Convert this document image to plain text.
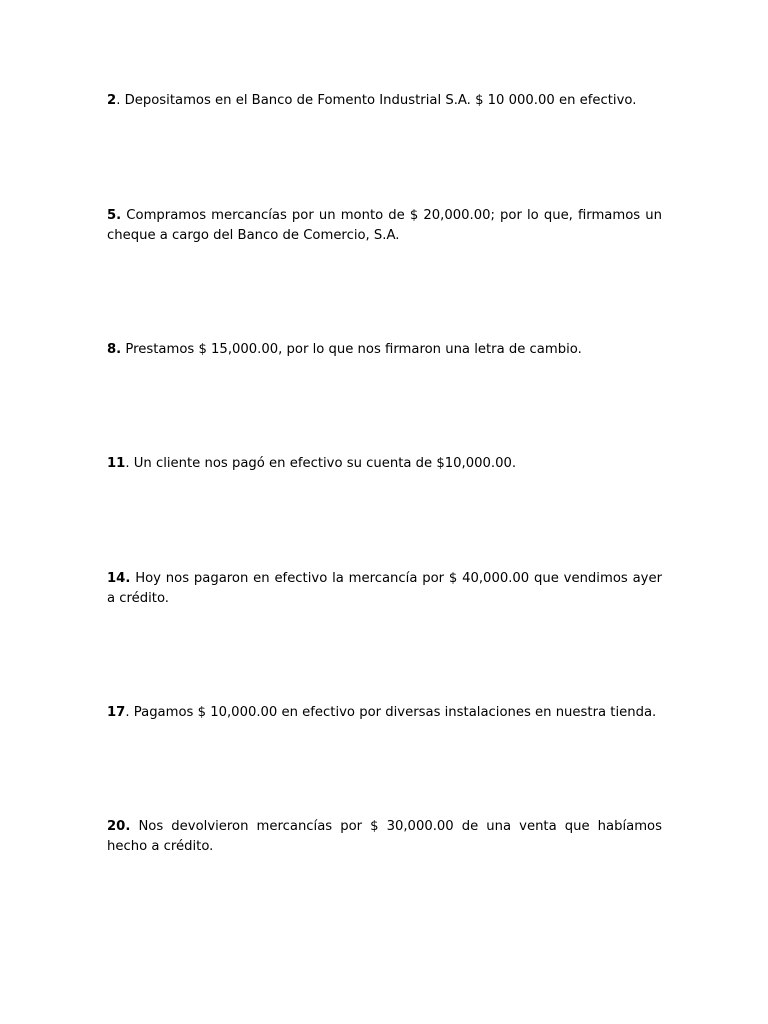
2. Depositamos en el Banco de Fomento Industrial S.A. $ 10 000.00 en efectivo.

5. Compramos mercancías por un monto de $ 20,000.00; por lo que, firmamos un cheque a cargo del Banco de Comercio, S.A.

8. Prestamos $ 15,000.00, por lo que nos firmaron una letra de cambio.

11. Un cliente nos pagó en efectivo su cuenta de $10,000.00.

14. Hoy nos pagaron en efectivo la mercancía por $ 40,000.00 que vendimos ayer a crédito.

17. Pagamos $ 10,000.00 en efectivo por diversas instalaciones en nuestra tienda.

20. Nos devolvieron mercancías por $ 30,000.00 de una venta que habíamos hecho a crédito.
